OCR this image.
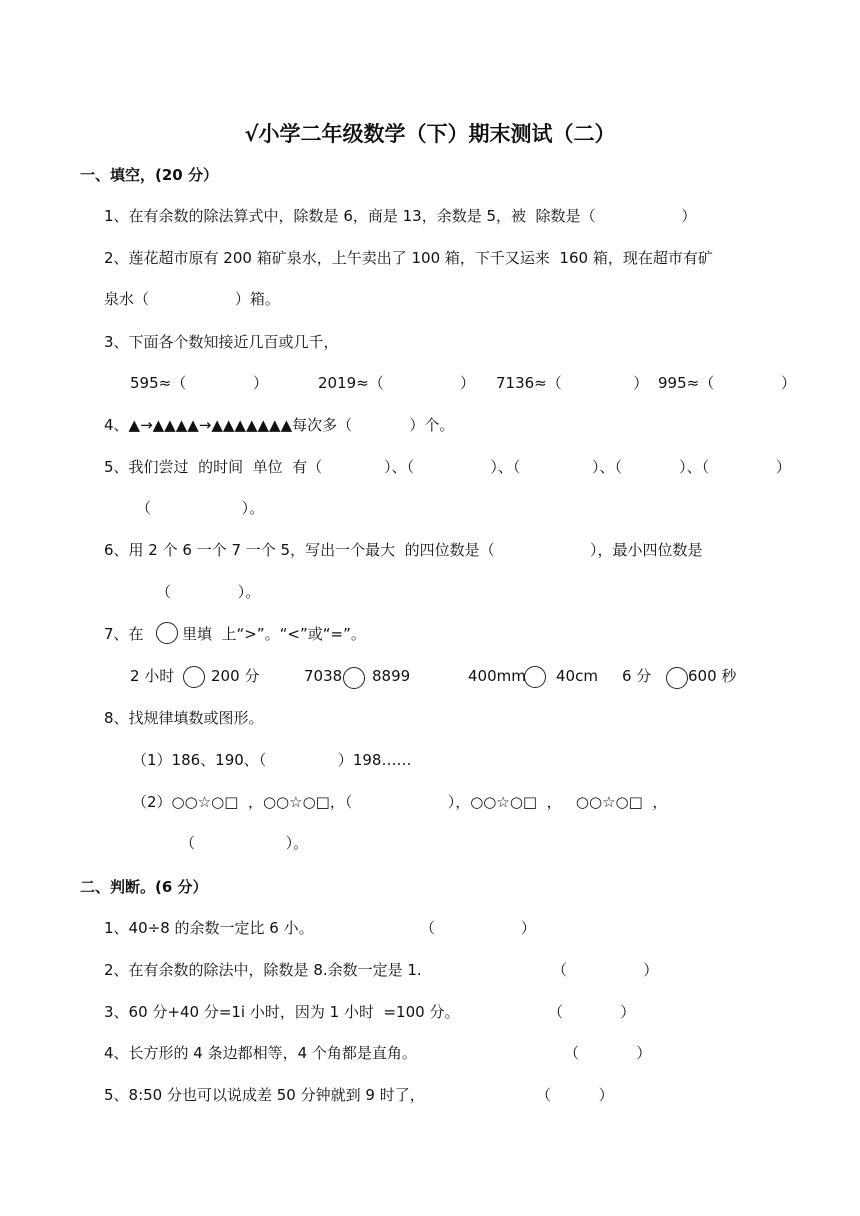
√小学二年级数学（下）期末测试（二）
一、填空，(20 分）
1、在有余数的除法算式中，除数是 6，商是 13，余数是 5，被  除数是（                  ）
2、莲花超市原有 200 箱矿泉水，上午卖出了 100 箱，下千又运来  160 箱，现在超市有矿
泉水（                  ）箱。
3、下面各个数知接近几百或几千，
595≈（              ）	2019≈（                ） 7136≈（               ） 995≈（              ）
4、▲→▲▲▲▲→▲▲▲▲▲▲▲每次多（            ）个。
5、我们尝过  的时间  单位  有（             ）、（                ）、（               ）、（            ）、（              ）
（                   ）。
6、用 2 个 6 一个 7 一个 5，写出一个最大  的四位数是（                    ），最小四位数是
（              ）。
7、在	里填  上“>”。“<”或“=”。
2 小时 200 分	7038 8899	400mm 40cm 6 分 600 秒
8、找规律填数或图形。
（1）186、190、（               ）198……
（2）○○☆○□  ，○○☆○□，（                    ），○○☆○□  ，   ○○☆○□  ，
（                   ）。
二、判断。(6 分）
1、40÷8 的余数一定比 6 小。	（                  ）
2、在有余数的除法中，除数是 8.余数一定是 1.	（                ）
3、60 分+40 分=1i 小时，因为 1 小时  =100 分。	（            ）
4、长方形的 4 条边都相等，4 个角都是直角。	（            ）
5、8:50 分也可以说成差 50 分钟就到 9 时了，	（          ）
